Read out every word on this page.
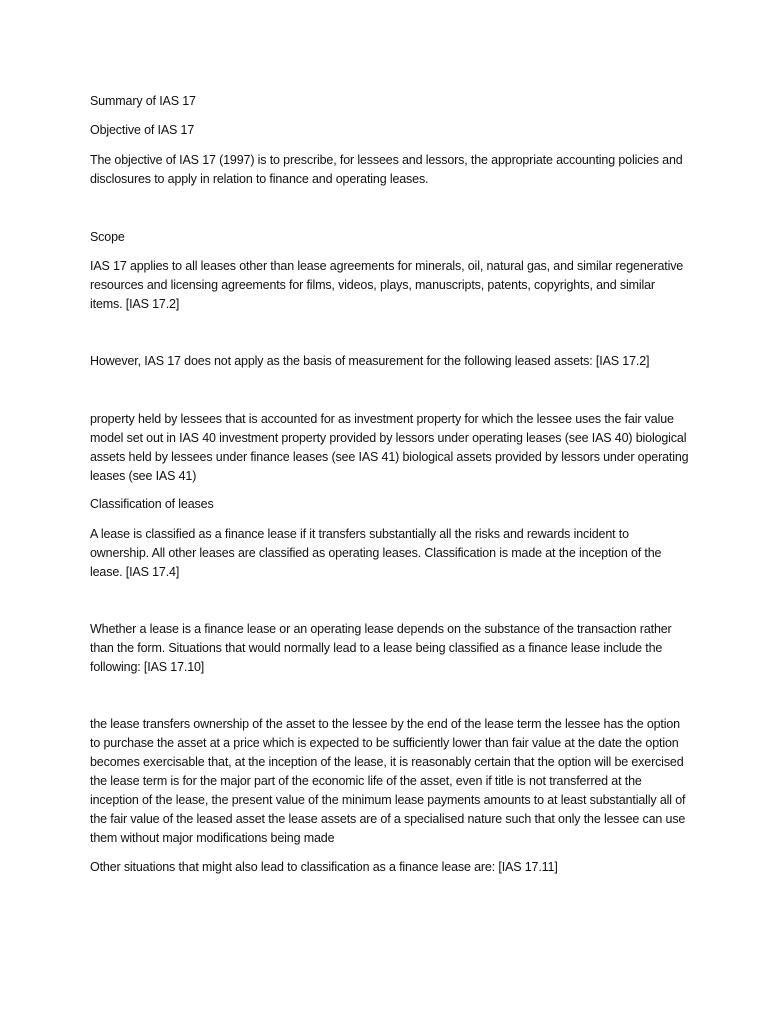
Summary of IAS 17

Objective of IAS 17

The objective of IAS 17 (1997) is to prescribe, for lessees and lessors, the appropriate accounting policies and disclosures to apply in relation to finance and operating leases.

Scope

IAS 17 applies to all leases other than lease agreements for minerals, oil, natural gas, and similar regenerative resources and licensing agreements for films, videos, plays, manuscripts, patents, copyrights, and similar items. [IAS 17.2]

However, IAS 17 does not apply as the basis of measurement for the following leased assets: [IAS 17.2]

property held by lessees that is accounted for as investment property for which the lessee uses the fair value model set out in IAS 40 investment property provided by lessors under operating leases (see IAS 40) biological assets held by lessees under finance leases (see IAS 41) biological assets provided by lessors under operating leases (see IAS 41)

Classification of leases

A lease is classified as a finance lease if it transfers substantially all the risks and rewards incident to ownership. All other leases are classified as operating leases. Classification is made at the inception of the lease. [IAS 17.4]

Whether a lease is a finance lease or an operating lease depends on the substance of the transaction rather than the form. Situations that would normally lead to a lease being classified as a finance lease include the following: [IAS 17.10]

the lease transfers ownership of the asset to the lessee by the end of the lease term the lessee has the option to purchase the asset at a price which is expected to be sufficiently lower than fair value at the date the option becomes exercisable that, at the inception of the lease, it is reasonably certain that the option will be exercised the lease term is for the major part of the economic life of the asset, even if title is not transferred at the inception of the lease, the present value of the minimum lease payments amounts to at least substantially all of the fair value of the leased asset the lease assets are of a specialised nature such that only the lessee can use them without major modifications being made

Other situations that might also lead to classification as a finance lease are: [IAS 17.11]
